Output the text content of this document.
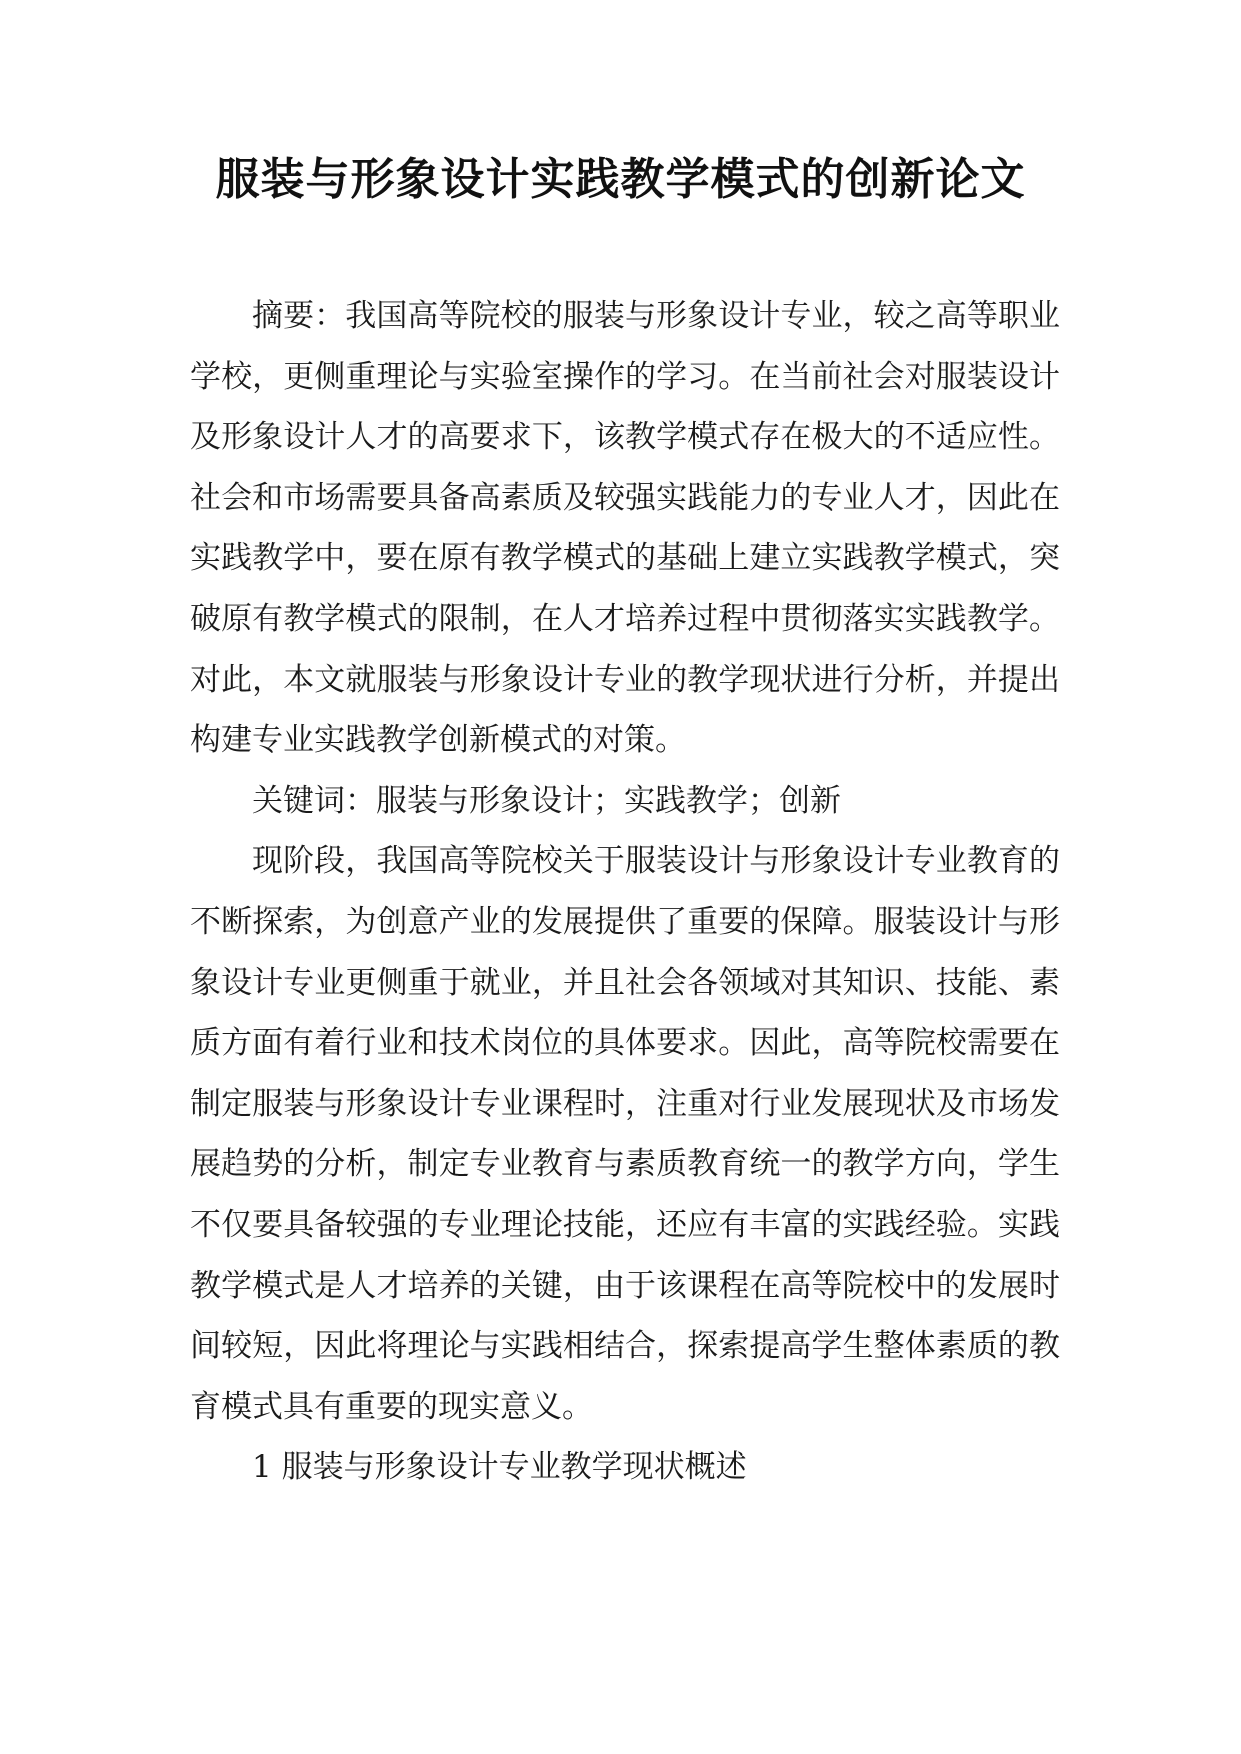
服装与形象设计实践教学模式的创新论文

摘要：我国高等院校的服装与形象设计专业，较之高等职业学校，更侧重理论与实验室操作的学习。在当前社会对服装设计及形象设计人才的高要求下，该教学模式存在极大的不适应性。社会和市场需要具备高素质及较强实践能力的专业人才，因此在实践教学中，要在原有教学模式的基础上建立实践教学模式，突破原有教学模式的限制，在人才培养过程中贯彻落实实践教学。对此，本文就服装与形象设计专业的教学现状进行分析，并提出构建专业实践教学创新模式的对策。

关键词：服装与形象设计；实践教学；创新

现阶段，我国高等院校关于服装设计与形象设计专业教育的不断探索，为创意产业的发展提供了重要的保障。服装设计与形象设计专业更侧重于就业，并且社会各领域对其知识、技能、素质方面有着行业和技术岗位的具体要求。因此，高等院校需要在制定服装与形象设计专业课程时，注重对行业发展现状及市场发展趋势的分析，制定专业教育与素质教育统一的教学方向，学生不仅要具备较强的专业理论技能，还应有丰富的实践经验。实践教学模式是人才培养的关键，由于该课程在高等院校中的发展时间较短，因此将理论与实践相结合，探索提高学生整体素质的教育模式具有重要的现实意义。

1 服装与形象设计专业教学现状概述
